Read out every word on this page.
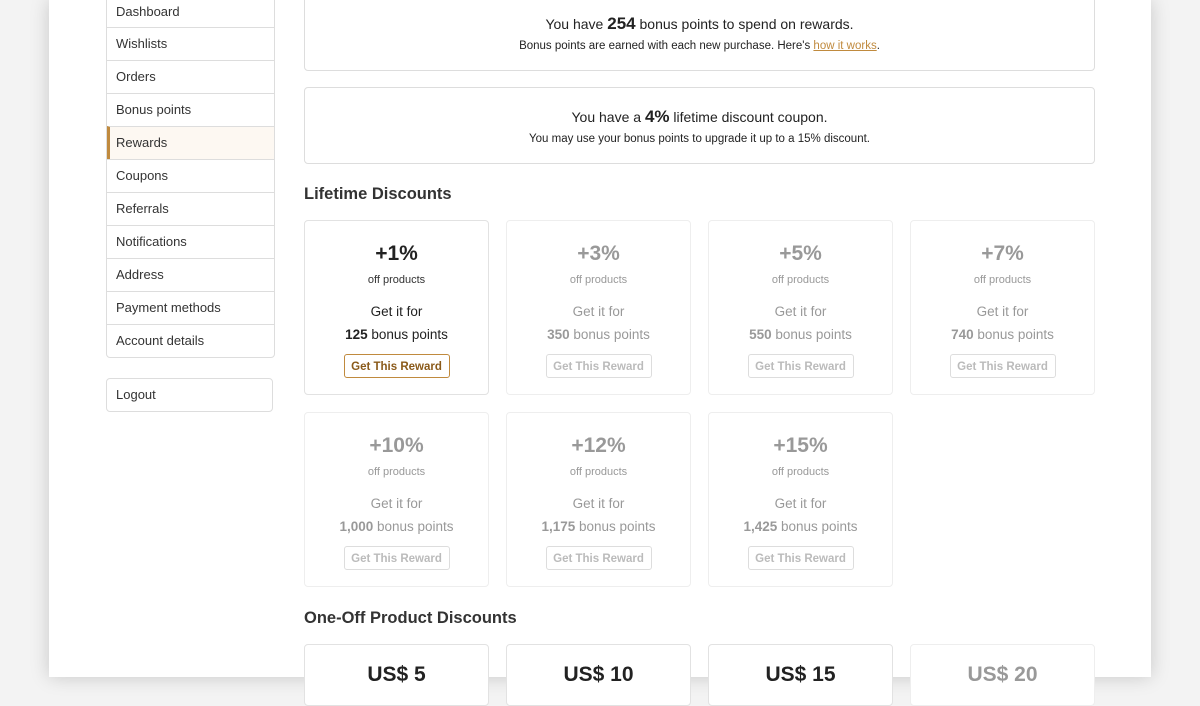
Dashboard
Wishlists
Orders
Bonus points
Rewards
Coupons
Referrals
Notifications
Address
Payment methods
Account details
Logout
You have 254 bonus points to spend on rewards.
Bonus points are earned with each new purchase. Here's how it works.
You have a 4% lifetime discount coupon.
You may use your bonus points to upgrade it up to a 15% discount.
Lifetime Discounts
+1%
off products
Get it for
125 bonus points
Get This Reward
+3%
off products
Get it for
350 bonus points
Get This Reward
+5%
off products
Get it for
550 bonus points
Get This Reward
+7%
off products
Get it for
740 bonus points
Get This Reward
+10%
off products
Get it for
1,000 bonus points
Get This Reward
+12%
off products
Get it for
1,175 bonus points
Get This Reward
+15%
off products
Get it for
1,425 bonus points
Get This Reward
One-Off Product Discounts
US$ 5	US$ 10	US$ 15	US$ 20
